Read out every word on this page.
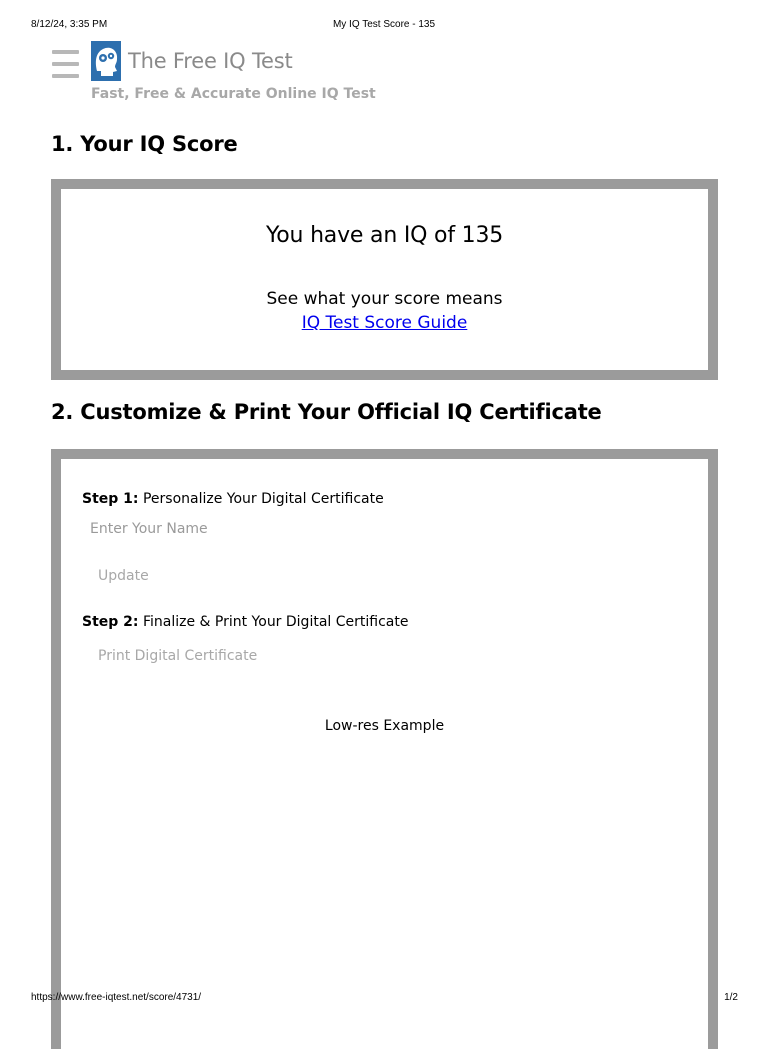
8/12/24, 3:35 PM	My IQ Test Score - 135
The Free IQ Test
Fast, Free & Accurate Online IQ Test
1. Your IQ Score
You have an IQ of 135
See what your score means
IQ Test Score Guide
2. Customize & Print Your Official IQ Certificate
Step 1: Personalize Your Digital Certificate
Enter Your Name
Update
Step 2: Finalize & Print Your Digital Certificate
Print Digital Certificate
Low-res Example
https://www.free-iqtest.net/score/4731/	1/2
